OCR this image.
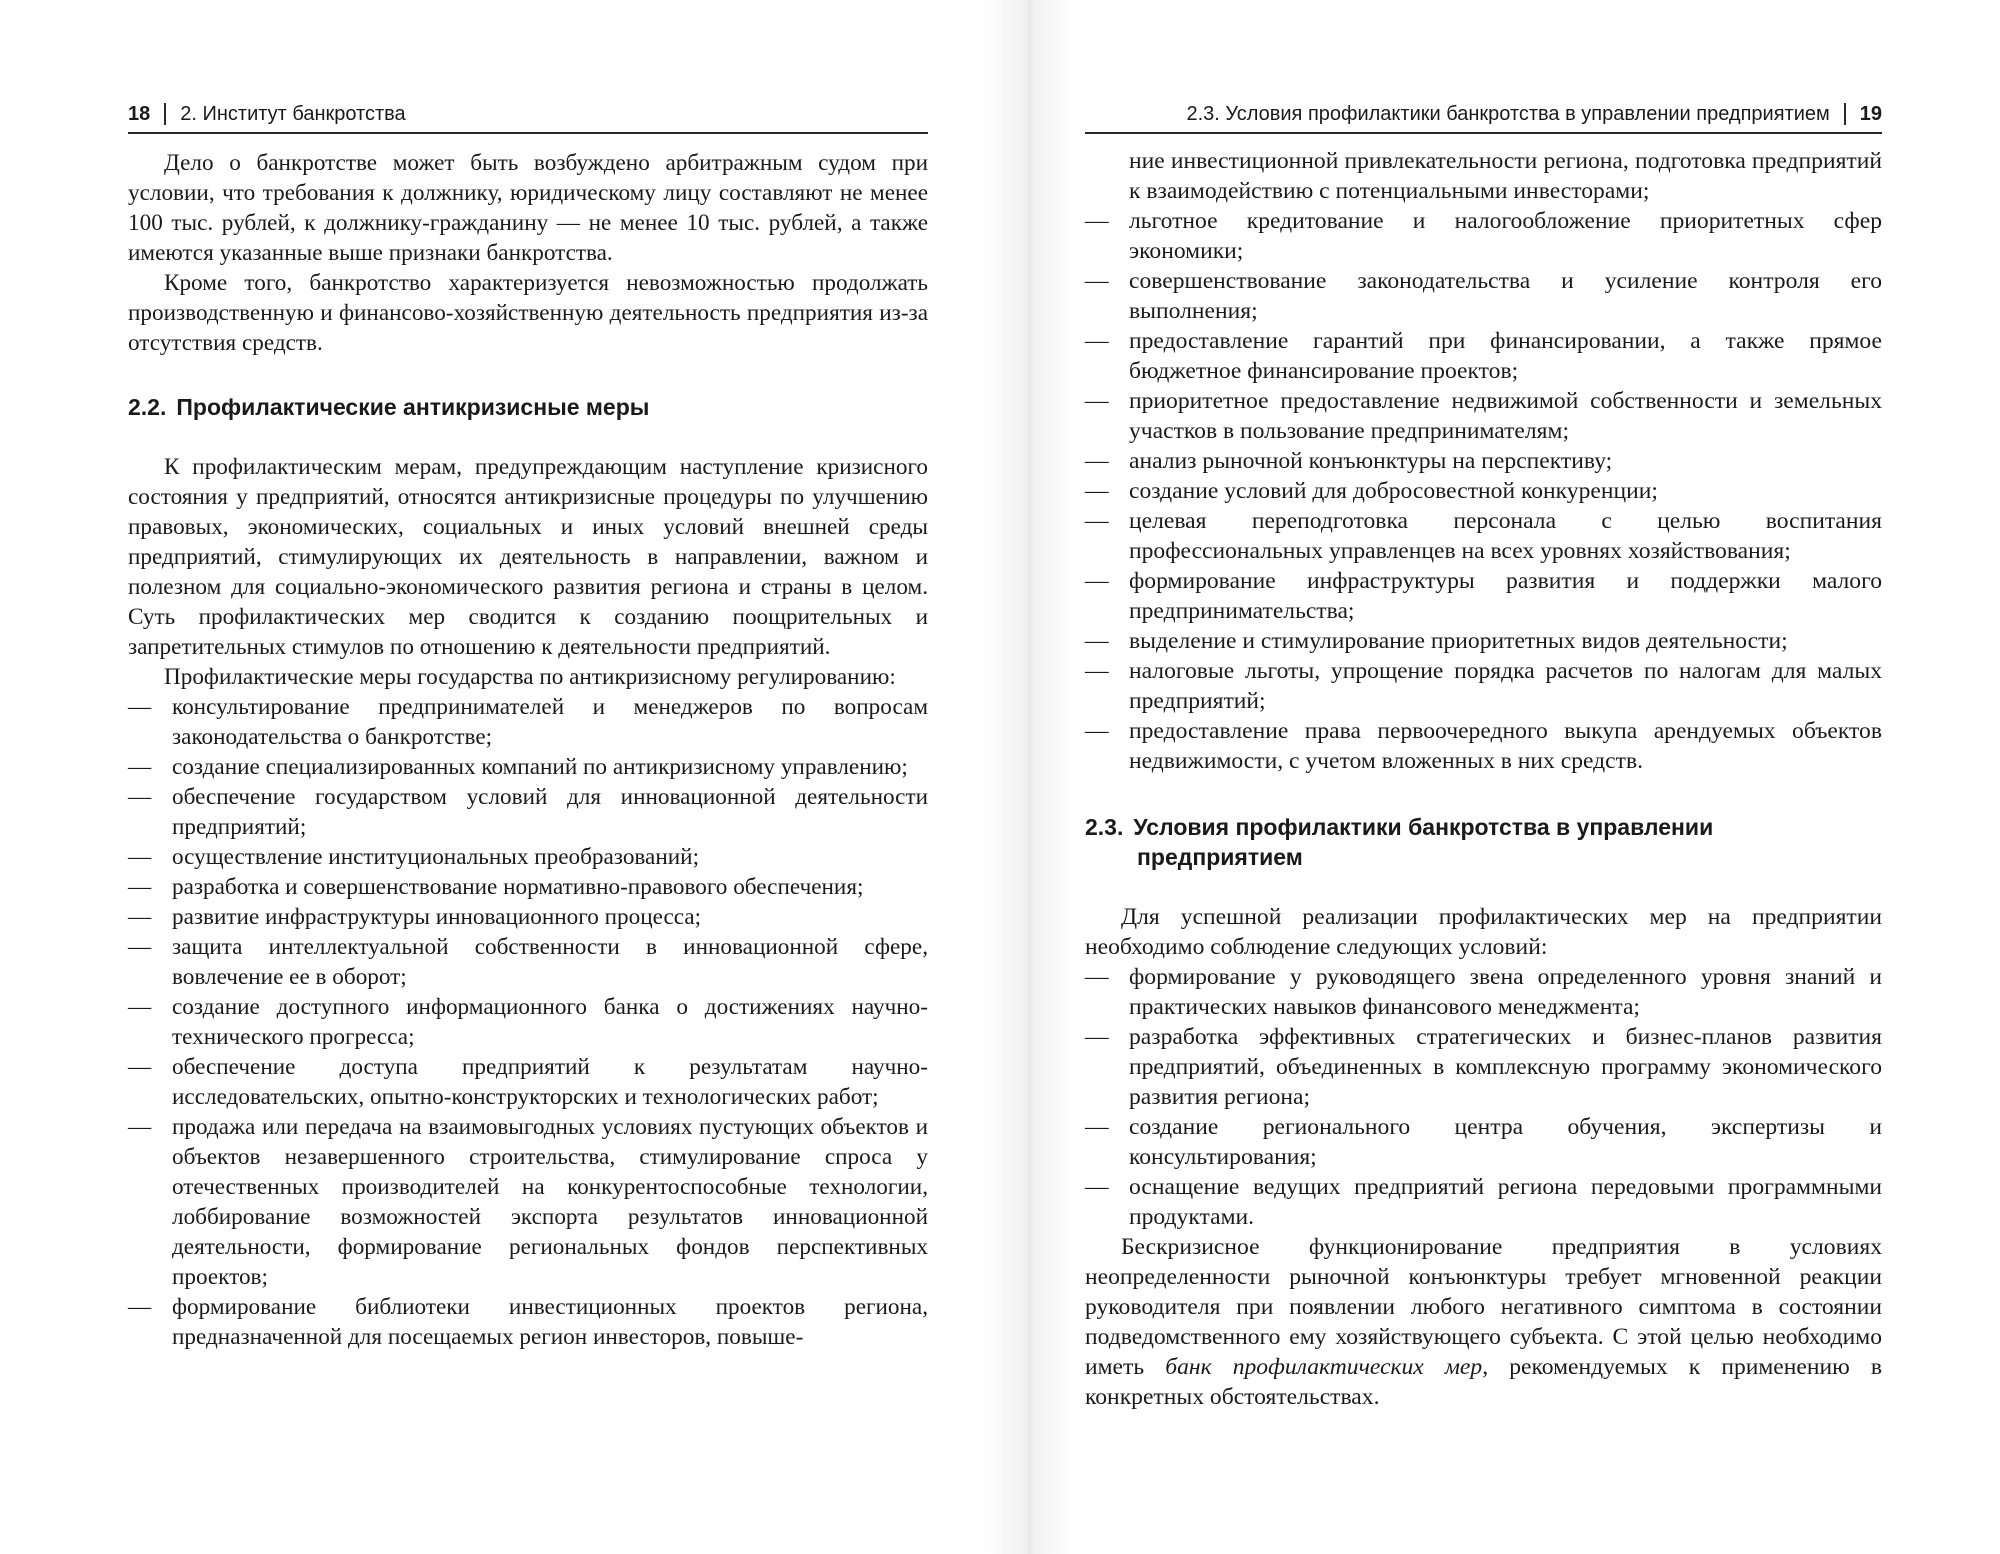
18 2. Институт банкротства

Дело о банкротстве может быть возбуждено арбитражным судом при условии, что требования к должнику, юридическому лицу составляют не менее 100 тыс. рублей, к должнику-гражданину — не менее 10 тыс. рублей, а также имеются указанные выше признаки банкротства.

Кроме того, банкротство характеризуется невозможностью продолжать производственную и финансово-хозяйственную деятельность предприятия из-за отсутствия средств.

2.2. Профилактические антикризисные меры

К профилактическим мерам, предупреждающим наступление кризисного состояния у предприятий, относятся антикризисные процедуры по улучшению правовых, экономических, социальных и иных условий внешней среды предприятий, стимулирующих их деятельность в направлении, важном и полезном для социально-экономического развития региона и страны в целом. Суть профилактических мер сводится к созданию поощрительных и запретительных стимулов по отношению к деятельности предприятий.

Профилактические меры государства по антикризисному регулированию:

— консультирование предпринимателей и менеджеров по вопросам законодательства о банкротстве;

— создание специализированных компаний по антикризисному управлению;

— обеспечение государством условий для инновационной деятельности предприятий;

— осуществление институциональных преобразований;

— разработка и совершенствование нормативно-правового обеспечения;

— развитие инфраструктуры инновационного процесса;

— защита интеллектуальной собственности в инновационной сфере, вовлечение ее в оборот;

— создание доступного информационного банка о достижениях научно-технического прогресса;

— обеспечение доступа предприятий к результатам научно-исследовательских, опытно-конструкторских и технологических работ;

— продажа или передача на взаимовыгодных условиях пустующих объектов и объектов незавершенного строительства, стимулирование спроса у отечественных производителей на конкурентоспособные технологии, лоббирование возможностей экспорта результатов инновационной деятельности, формирование региональных фондов перспективных проектов;

— формирование библиотеки инвестиционных проектов региона, предназначенной для посещаемых регион инвесторов, повыше-

2.3. Условия профилактики банкротства в управлении предприятием 19

ние инвестиционной привлекательности региона, подготовка предприятий к взаимодействию с потенциальными инвесторами;

— льготное кредитование и налогообложение приоритетных сфер экономики;

— совершенствование законодательства и усиление контроля его выполнения;

— предоставление гарантий при финансировании, а также прямое бюджетное финансирование проектов;

— приоритетное предоставление недвижимой собственности и земельных участков в пользование предпринимателям;

— анализ рыночной конъюнктуры на перспективу;

— создание условий для добросовестной конкуренции;

— целевая переподготовка персонала с целью воспитания профессиональных управленцев на всех уровнях хозяйствования;

— формирование инфраструктуры развития и поддержки малого предпринимательства;

— выделение и стимулирование приоритетных видов деятельности;

— налоговые льготы, упрощение порядка расчетов по налогам для малых предприятий;

— предоставление права первоочередного выкупа арендуемых объектов недвижимости, с учетом вложенных в них средств.

2.3. Условия профилактики банкротства в управлении предприятием

Для успешной реализации профилактических мер на предприятии необходимо соблюдение следующих условий:

— формирование у руководящего звена определенного уровня знаний и практических навыков финансового менеджмента;

— разработка эффективных стратегических и бизнес-планов развития предприятий, объединенных в комплексную программу экономического развития региона;

— создание регионального центра обучения, экспертизы и консультирования;

— оснащение ведущих предприятий региона передовыми программными продуктами.

Бескризисное функционирование предприятия в условиях неопределенности рыночной конъюнктуры требует мгновенной реакции руководителя при появлении любого негативного симптома в состоянии подведомственного ему хозяйствующего субъекта. С этой целью необходимо иметь банк профилактических мер, рекомендуемых к применению в конкретных обстоятельствах.
